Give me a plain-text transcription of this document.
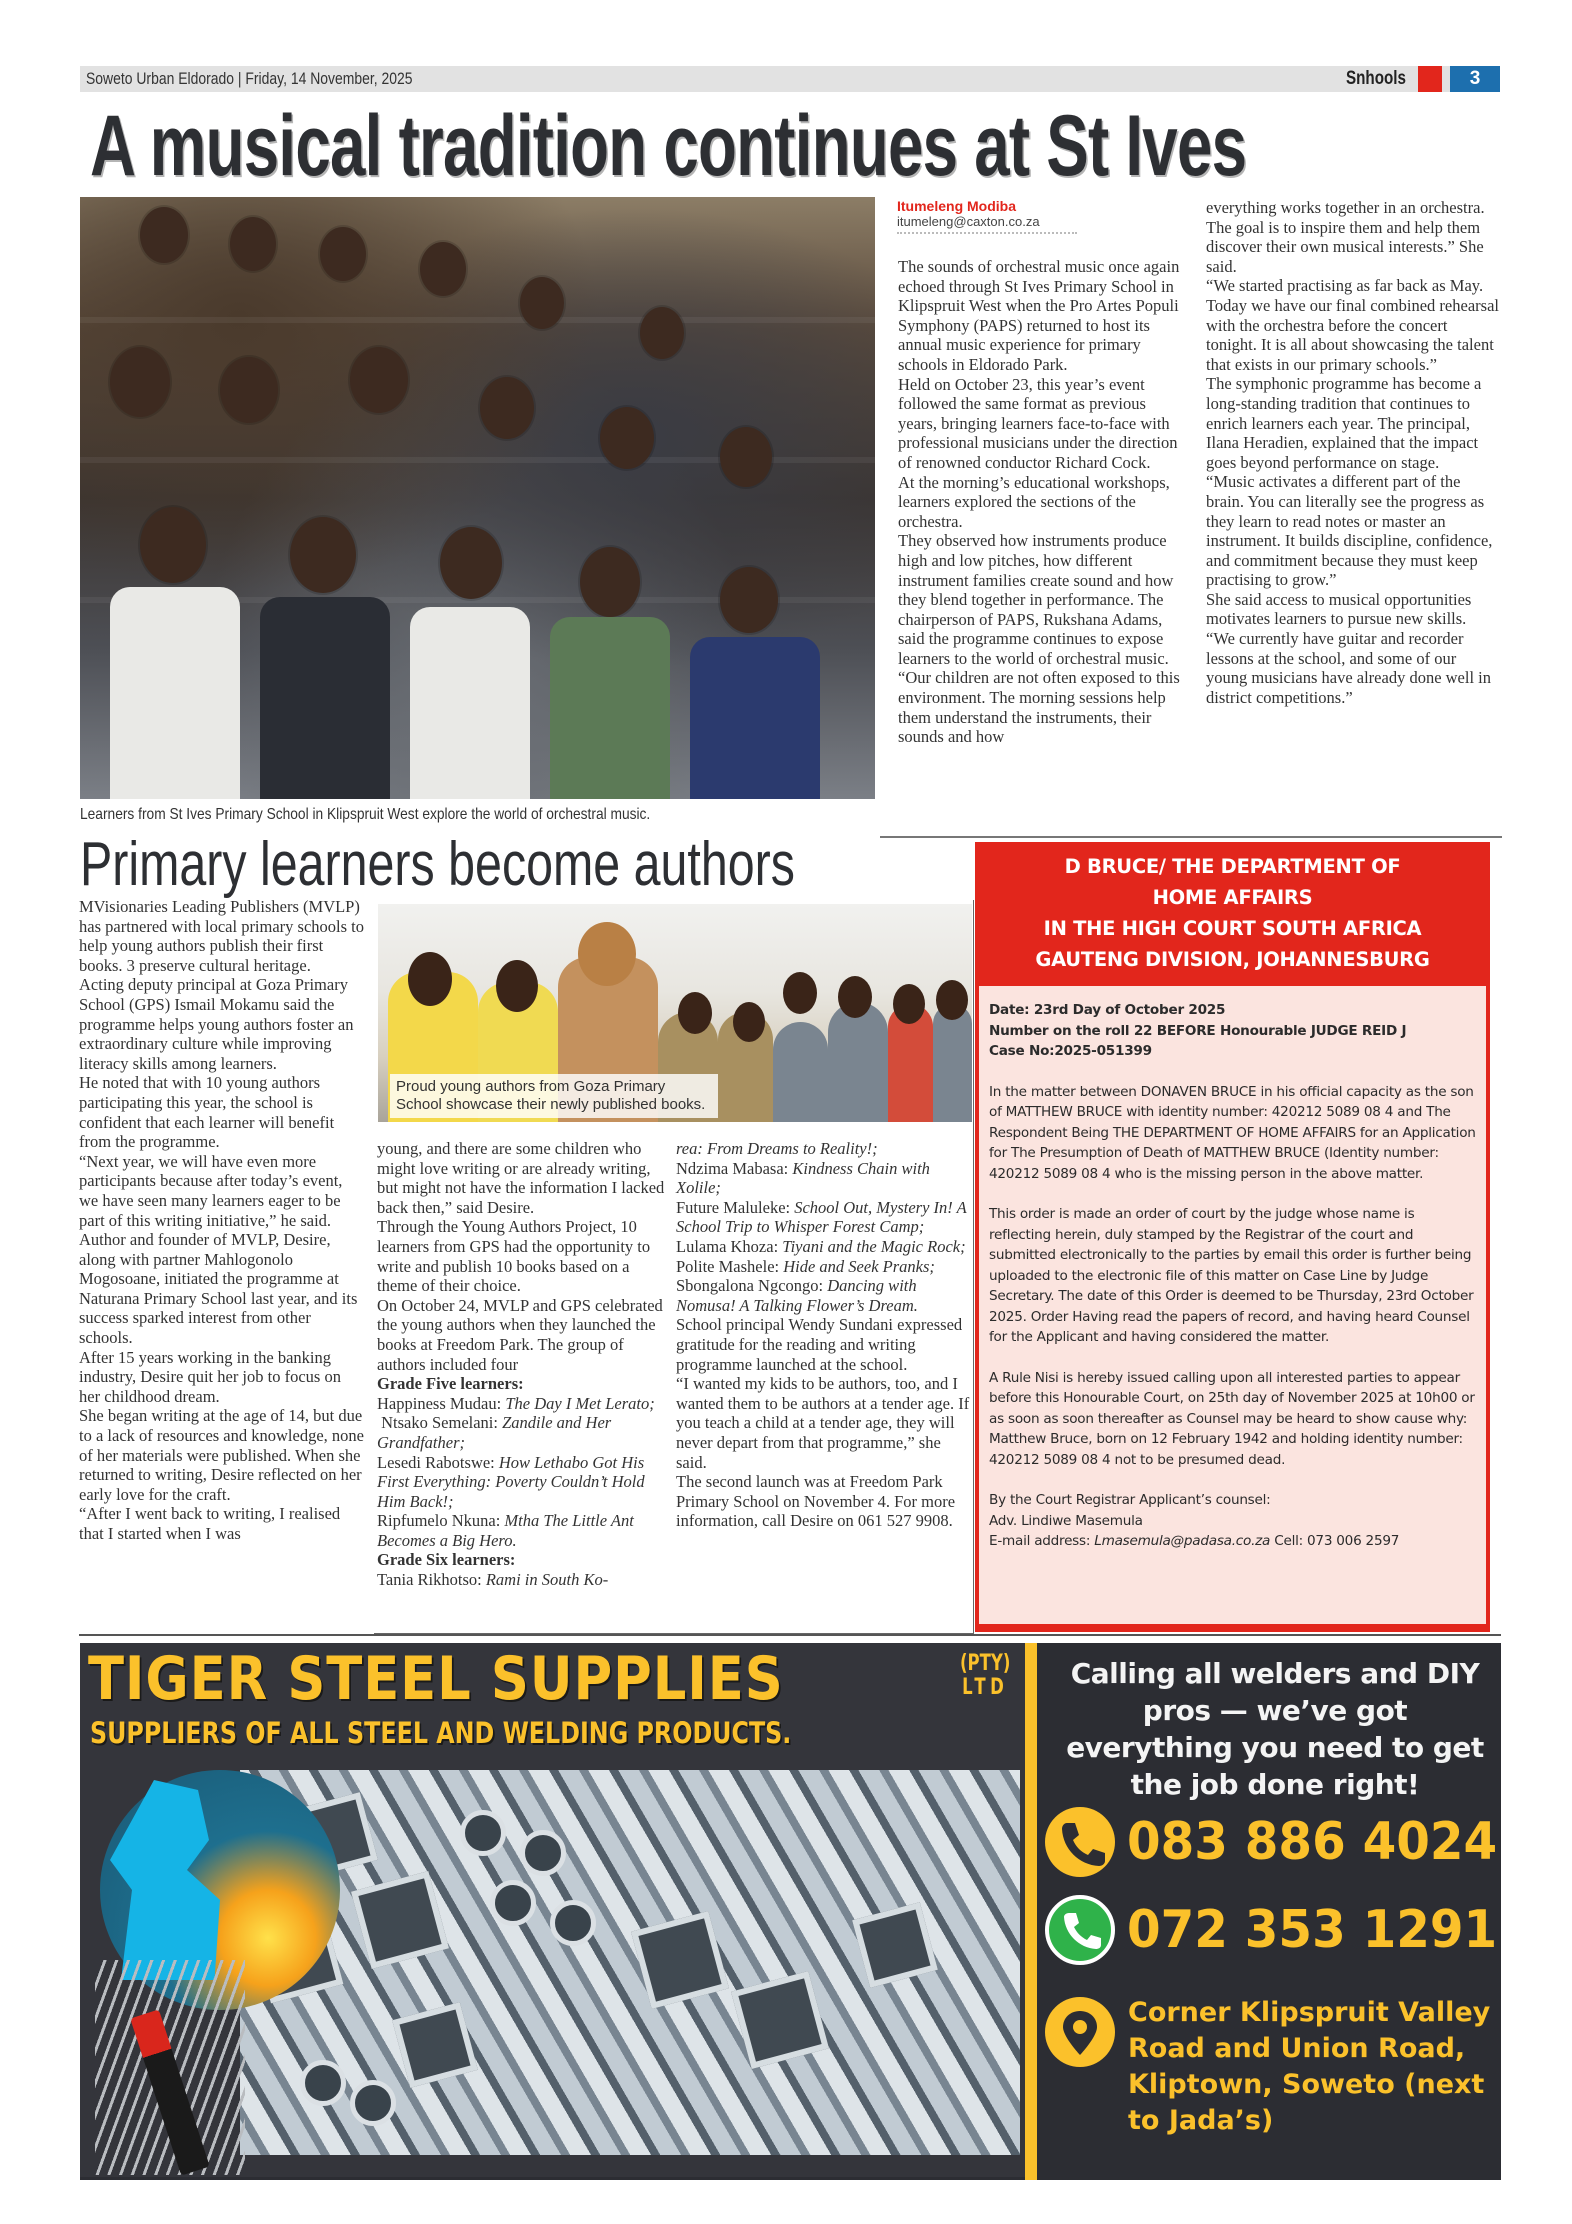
Soweto Urban Eldorado | Friday, 14 November, 2025	Snhools	3
A musical tradition continues at St Ives
Learners from St Ives Primary School in Klipspruit West explore the world of orchestral music.
Itumeleng Modiba
itumeleng@caxton.co.za

The sounds of orchestral music once again echoed through St Ives Primary School in Klipspruit West when the Pro Artes Populi Symphony (PAPS) returned to host its annual music experience for primary schools in Eldorado Park.

Held on October 23, this year’s event followed the same format as previous years, bringing learners face-to-face with professional musicians under the direction of renowned conductor Richard Cock.

At the morning’s educational workshops, learners explored the sections of the orchestra.

They observed how instruments produce high and low pitches, how different instrument families create sound and how they blend together in performance. The chairperson of PAPS, Rukshana Adams, said the programme continues to expose learners to the world of orchestral music.

“Our children are not often exposed to this environment. The morning sessions help them understand the instruments, their sounds and how

everything works together in an orchestra. The goal is to inspire them and help them discover their own musical interests.” She said.

“We started practising as far back as May.

Today we have our final combined rehearsal with the orchestra before the concert tonight. It is all about showcasing the talent that exists in our primary schools.”

The symphonic programme has become a long-standing tradition that continues to enrich learners each year. The principal, Ilana Heradien, explained that the impact goes beyond performance on stage.

“Music activates a different part of the brain. You can literally see the progress as they learn to read notes or master an instrument. It builds discipline, confidence, and commitment because they must keep practising to grow.”

She said access to musical opportunities motivates learners to pursue new skills.

“We currently have guitar and recorder lessons at the school, and some of our young musicians have already done well in district competitions.”

Primary learners become authors

MVisionaries Leading Publishers (MVLP) has partnered with local primary schools to help young authors publish their first books. 3 preserve cultural heritage.

Acting deputy principal at Goza Primary School (GPS) Ismail Mokamu said the programme helps young authors foster an extraordinary culture while improving literacy skills among learners.

He noted that with 10 young authors participating this year, the school is confident that each learner will benefit from the programme.

“Next year, we will have even more participants because after today’s event, we have seen many learners eager to be part of this writing initiative,” he said.

Author and founder of MVLP, Desire, along with partner Mahlogonolo Mogosoane, initiated the programme at Naturana Primary School last year, and its success sparked interest from other schools.

After 15 years working in the banking industry, Desire quit her job to focus on her childhood dream.

She began writing at the age of 14, but due to a lack of resources and knowledge, none of her materials were published. When she returned to writing, Desire reflected on her early love for the craft.

“After I went back to writing, I realised that I started when I was

Proud young authors from Goza Primary School showcase their newly published books.

young, and there are some children who might love writing or are already writing, but might not have the information I lacked back then,” said Desire.

Through the Young Authors Project, 10 learners from GPS had the opportunity to write and publish 10 books based on a theme of their choice.

On October 24, MVLP and GPS celebrated the young authors when they launched the books at Freedom Park. The group of authors included four

Grade Five learners:

Happiness Mudau: The Day I Met Lerato;

Ntsako Semelani: Zandile and Her Grandfather;

Lesedi Rabotswe: How Lethabo Got His First Everything: Poverty Couldn’t Hold Him Back!;

Ripfumelo Nkuna: Mtha The Little Ant Becomes a Big Hero.

Grade Six learners:

Tania Rikhotso: Rami in South Ko-

rea: From Dreams to Reality!;

Ndzima Mabasa: Kindness Chain with Xolile;

Future Maluleke: School Out, Mystery In! A School Trip to Whisper Forest Camp;

Lulama Khoza: Tiyani and the Magic Rock;

Polite Mashele: Hide and Seek Pranks;

Sbongalona Ngcongo: Dancing with Nomusa! A Talking Flower’s Dream.

School principal Wendy Sundani expressed gratitude for the reading and writing programme launched at the school.

“I wanted my kids to be authors, too, and I wanted them to be authors at a tender age. If you teach a child at a tender age, they will never depart from that programme,” she said.

The second launch was at Freedom Park Primary School on November 4. For more information, call Desire on 061 527 9908.

D BRUCE/ THE DEPARTMENT OF
HOME AFFAIRS
IN THE HIGH COURT SOUTH AFRICA
GAUTENG DIVISION, JOHANNESBURG
Date: 23rd Day of October 2025
Number on the roll 22 BEFORE Honourable JUDGE REID J
Case No:2025-051399

In the matter between DONAVEN BRUCE in his official capacity as the son of MATTHEW BRUCE with identity number: 420212 5089 08 4 and The Respondent Being THE DEPARTMENT OF HOME AFFAIRS for an Application for The Presumption of Death of MATTHEW BRUCE (Identity number: 420212 5089 08 4 who is the missing person in the above matter.

This order is made an order of court by the judge whose name is reflecting herein, duly stamped by the Registrar of the court and submitted electronically to the parties by email this order is further being uploaded to the electronic file of this matter on Case Line by Judge Secretary. The date of this Order is deemed to be Thursday, 23rd October 2025. Order Having read the papers of record, and having heard Counsel for the Applicant and having considered the matter.

A Rule Nisi is hereby issued calling upon all interested parties to appear before this Honourable Court, on 25th day of November 2025 at 10h00 or as soon as soon thereafter as Counsel may be heard to show cause why: Matthew Bruce, born on 12 February 1942 and holding identity number: 420212 5089 08 4 not to be presumed dead.

By the Court Registrar Applicant’s counsel:
Adv. Lindiwe Masemula
E-mail address: Lmasemula@padasa.co.za Cell: 073 006 2597
TIGER STEEL SUPPLIES	(PTY)
LTD
SUPPLIERS OF ALL STEEL AND WELDING PRODUCTS.
Calling all welders and DIY pros — we’ve got everything you need to get the job done right!
083 886 4024
072 353 1291
Corner Klipspruit Valley Road and Union Road, Kliptown, Soweto (next to Jada’s)
